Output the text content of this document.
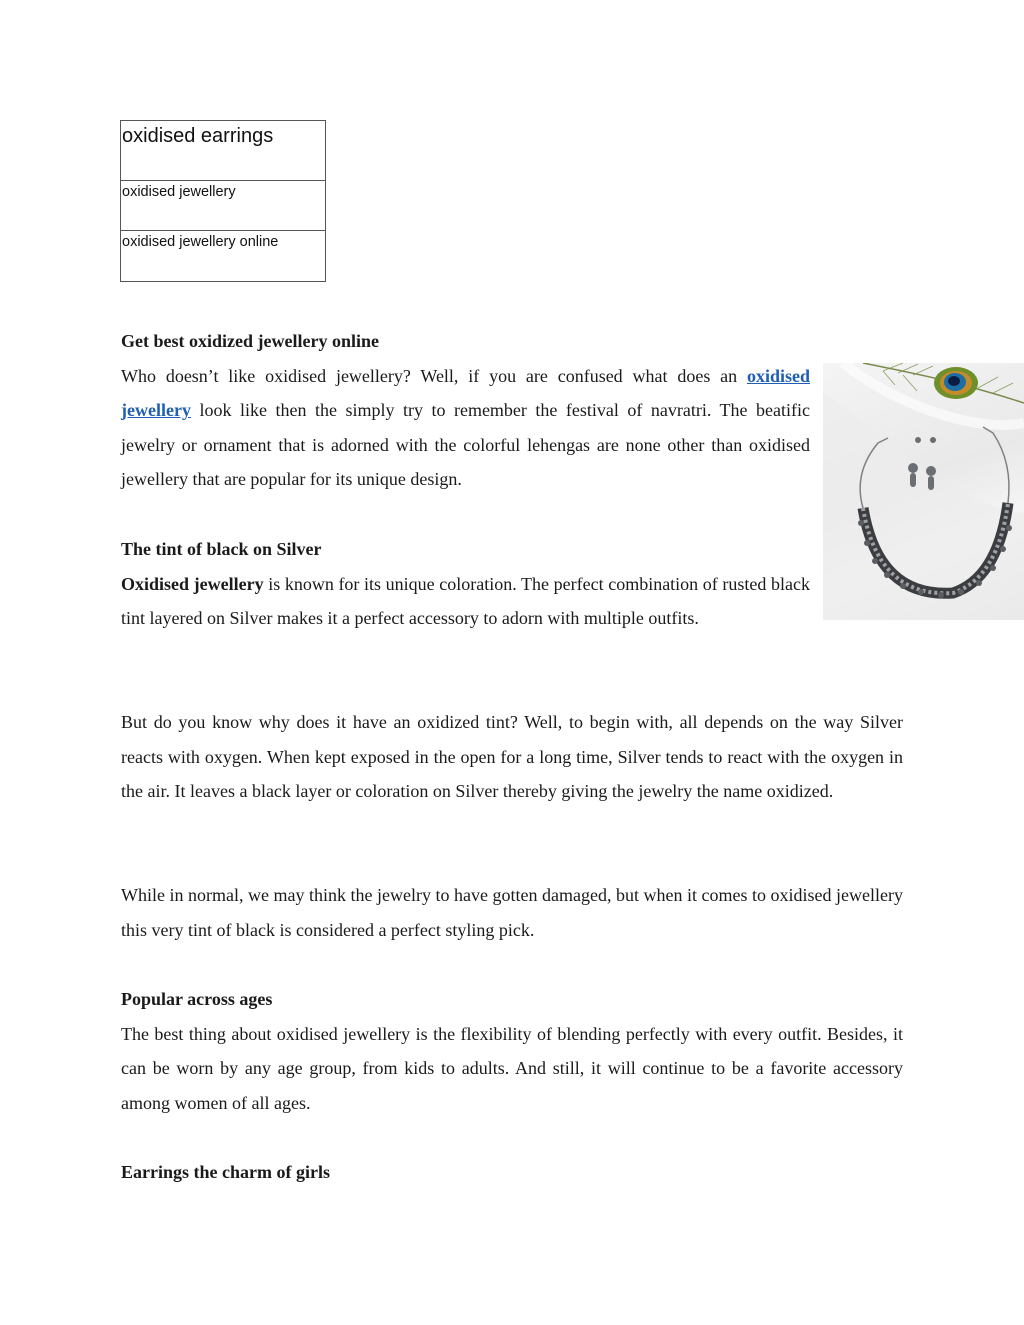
oxidised earrings
oxidised jewellery
oxidised jewellery online
Get best oxidized jewellery online
Who doesn’t like oxidised jewellery? Well, if you are confused what does an oxidised jewellery look like then the simply try to remember the festival of navratri. The beatific jewelry or ornament that is adorned with the colorful lehengas are none other than oxidised jewellery that are popular for its unique design.
The tint of black on Silver
Oxidised jewellery is known for its unique coloration. The perfect combination of rusted black tint layered on Silver makes it a perfect accessory to adorn with multiple outfits.
But do you know why does it have an oxidized tint? Well, to begin with, all depends on the way Silver reacts with oxygen. When kept exposed in the open for a long time, Silver tends to react with the oxygen in the air. It leaves a black layer or coloration on Silver thereby giving the jewelry the name oxidized.
While in normal, we may think the jewelry to have gotten damaged, but when it comes to oxidised jewellery this very tint of black is considered a perfect styling pick.
Popular across ages
The best thing about oxidised jewellery is the flexibility of blending perfectly with every outfit. Besides, it can be worn by any age group, from kids to adults. And still, it will continue to be a favorite accessory among women of all ages.
Earrings the charm of girls
